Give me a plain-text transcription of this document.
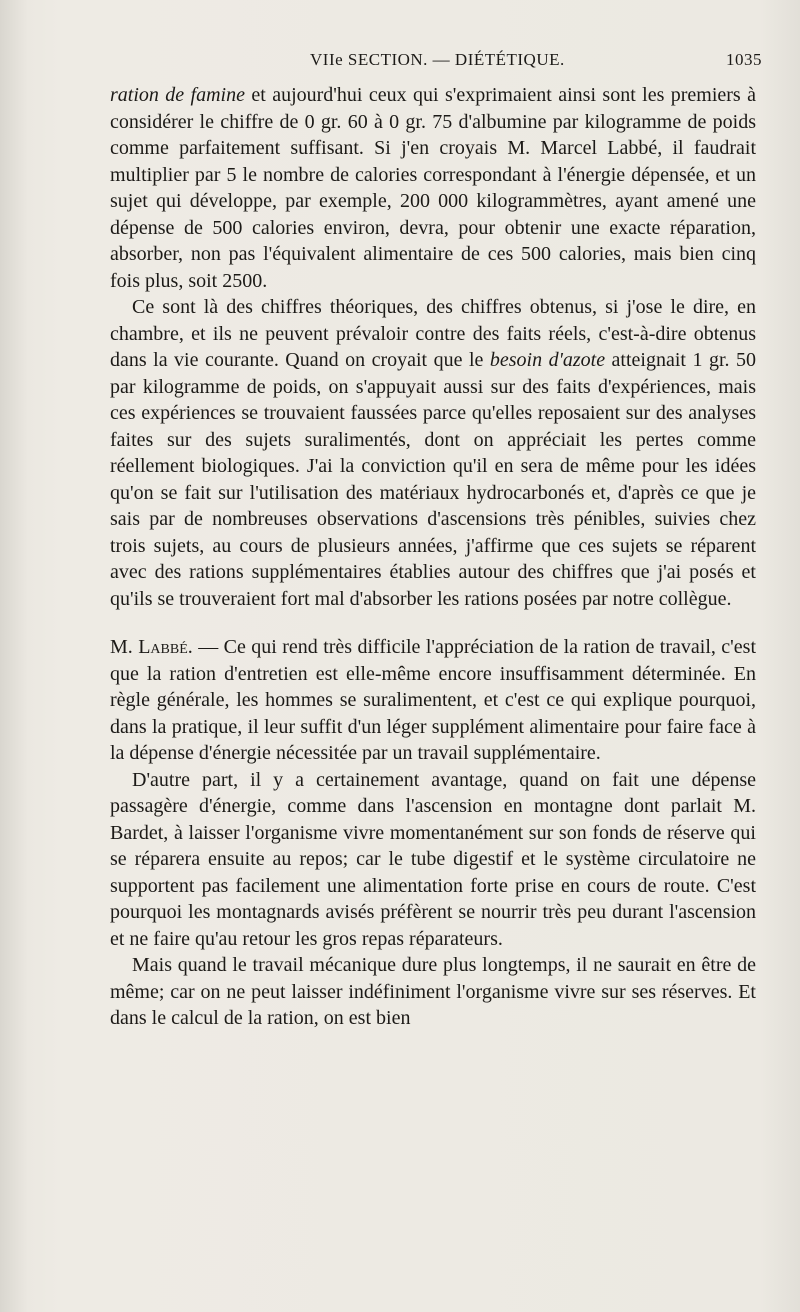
VIIe SECTION. — DIÉTÉTIQUE.	1035

ration de famine et aujourd'hui ceux qui s'exprimaient ainsi sont les premiers à considérer le chiffre de 0 gr. 60 à 0 gr. 75 d'albumine par kilogramme de poids comme parfaitement suffisant. Si j'en croyais M. Marcel Labbé, il faudrait multiplier par 5 le nombre de calories correspondant à l'énergie dépensée, et un sujet qui développe, par exemple, 200 000 kilogrammètres, ayant amené une dépense de 500 calories environ, devra, pour obtenir une exacte réparation, absorber, non pas l'équivalent alimentaire de ces 500 calories, mais bien cinq fois plus, soit 2500.

Ce sont là des chiffres théoriques, des chiffres obtenus, si j'ose le dire, en chambre, et ils ne peuvent prévaloir contre des faits réels, c'est-à-dire obtenus dans la vie courante. Quand on croyait que le besoin d'azote atteignait 1 gr. 50 par kilogramme de poids, on s'appuyait aussi sur des faits d'expériences, mais ces expériences se trouvaient faussées parce qu'elles reposaient sur des analyses faites sur des sujets suralimentés, dont on appréciait les pertes comme réellement biologiques. J'ai la conviction qu'il en sera de même pour les idées qu'on se fait sur l'utilisation des matériaux hydrocarbonés et, d'après ce que je sais par de nombreuses observations d'ascensions très pénibles, suivies chez trois sujets, au cours de plusieurs années, j'affirme que ces sujets se réparent avec des rations supplémentaires établies autour des chiffres que j'ai posés et qu'ils se trouveraient fort mal d'absorber les rations posées par notre collègue.

M. Labbé. — Ce qui rend très difficile l'appréciation de la ration de travail, c'est que la ration d'entretien est elle-même encore insuffisamment déterminée. En règle générale, les hommes se suralimentent, et c'est ce qui explique pourquoi, dans la pratique, il leur suffit d'un léger supplément alimentaire pour faire face à la dépense d'énergie nécessitée par un travail supplémentaire.

D'autre part, il y a certainement avantage, quand on fait une dépense passagère d'énergie, comme dans l'ascension en montagne dont parlait M. Bardet, à laisser l'organisme vivre momentanément sur son fonds de réserve qui se réparera ensuite au repos; car le tube digestif et le système circulatoire ne supportent pas facilement une alimentation forte prise en cours de route. C'est pourquoi les montagnards avisés préfèrent se nourrir très peu durant l'ascension et ne faire qu'au retour les gros repas réparateurs.

Mais quand le travail mécanique dure plus longtemps, il ne saurait en être de même; car on ne peut laisser indéfiniment l'organisme vivre sur ses réserves. Et dans le calcul de la ration, on est bien
